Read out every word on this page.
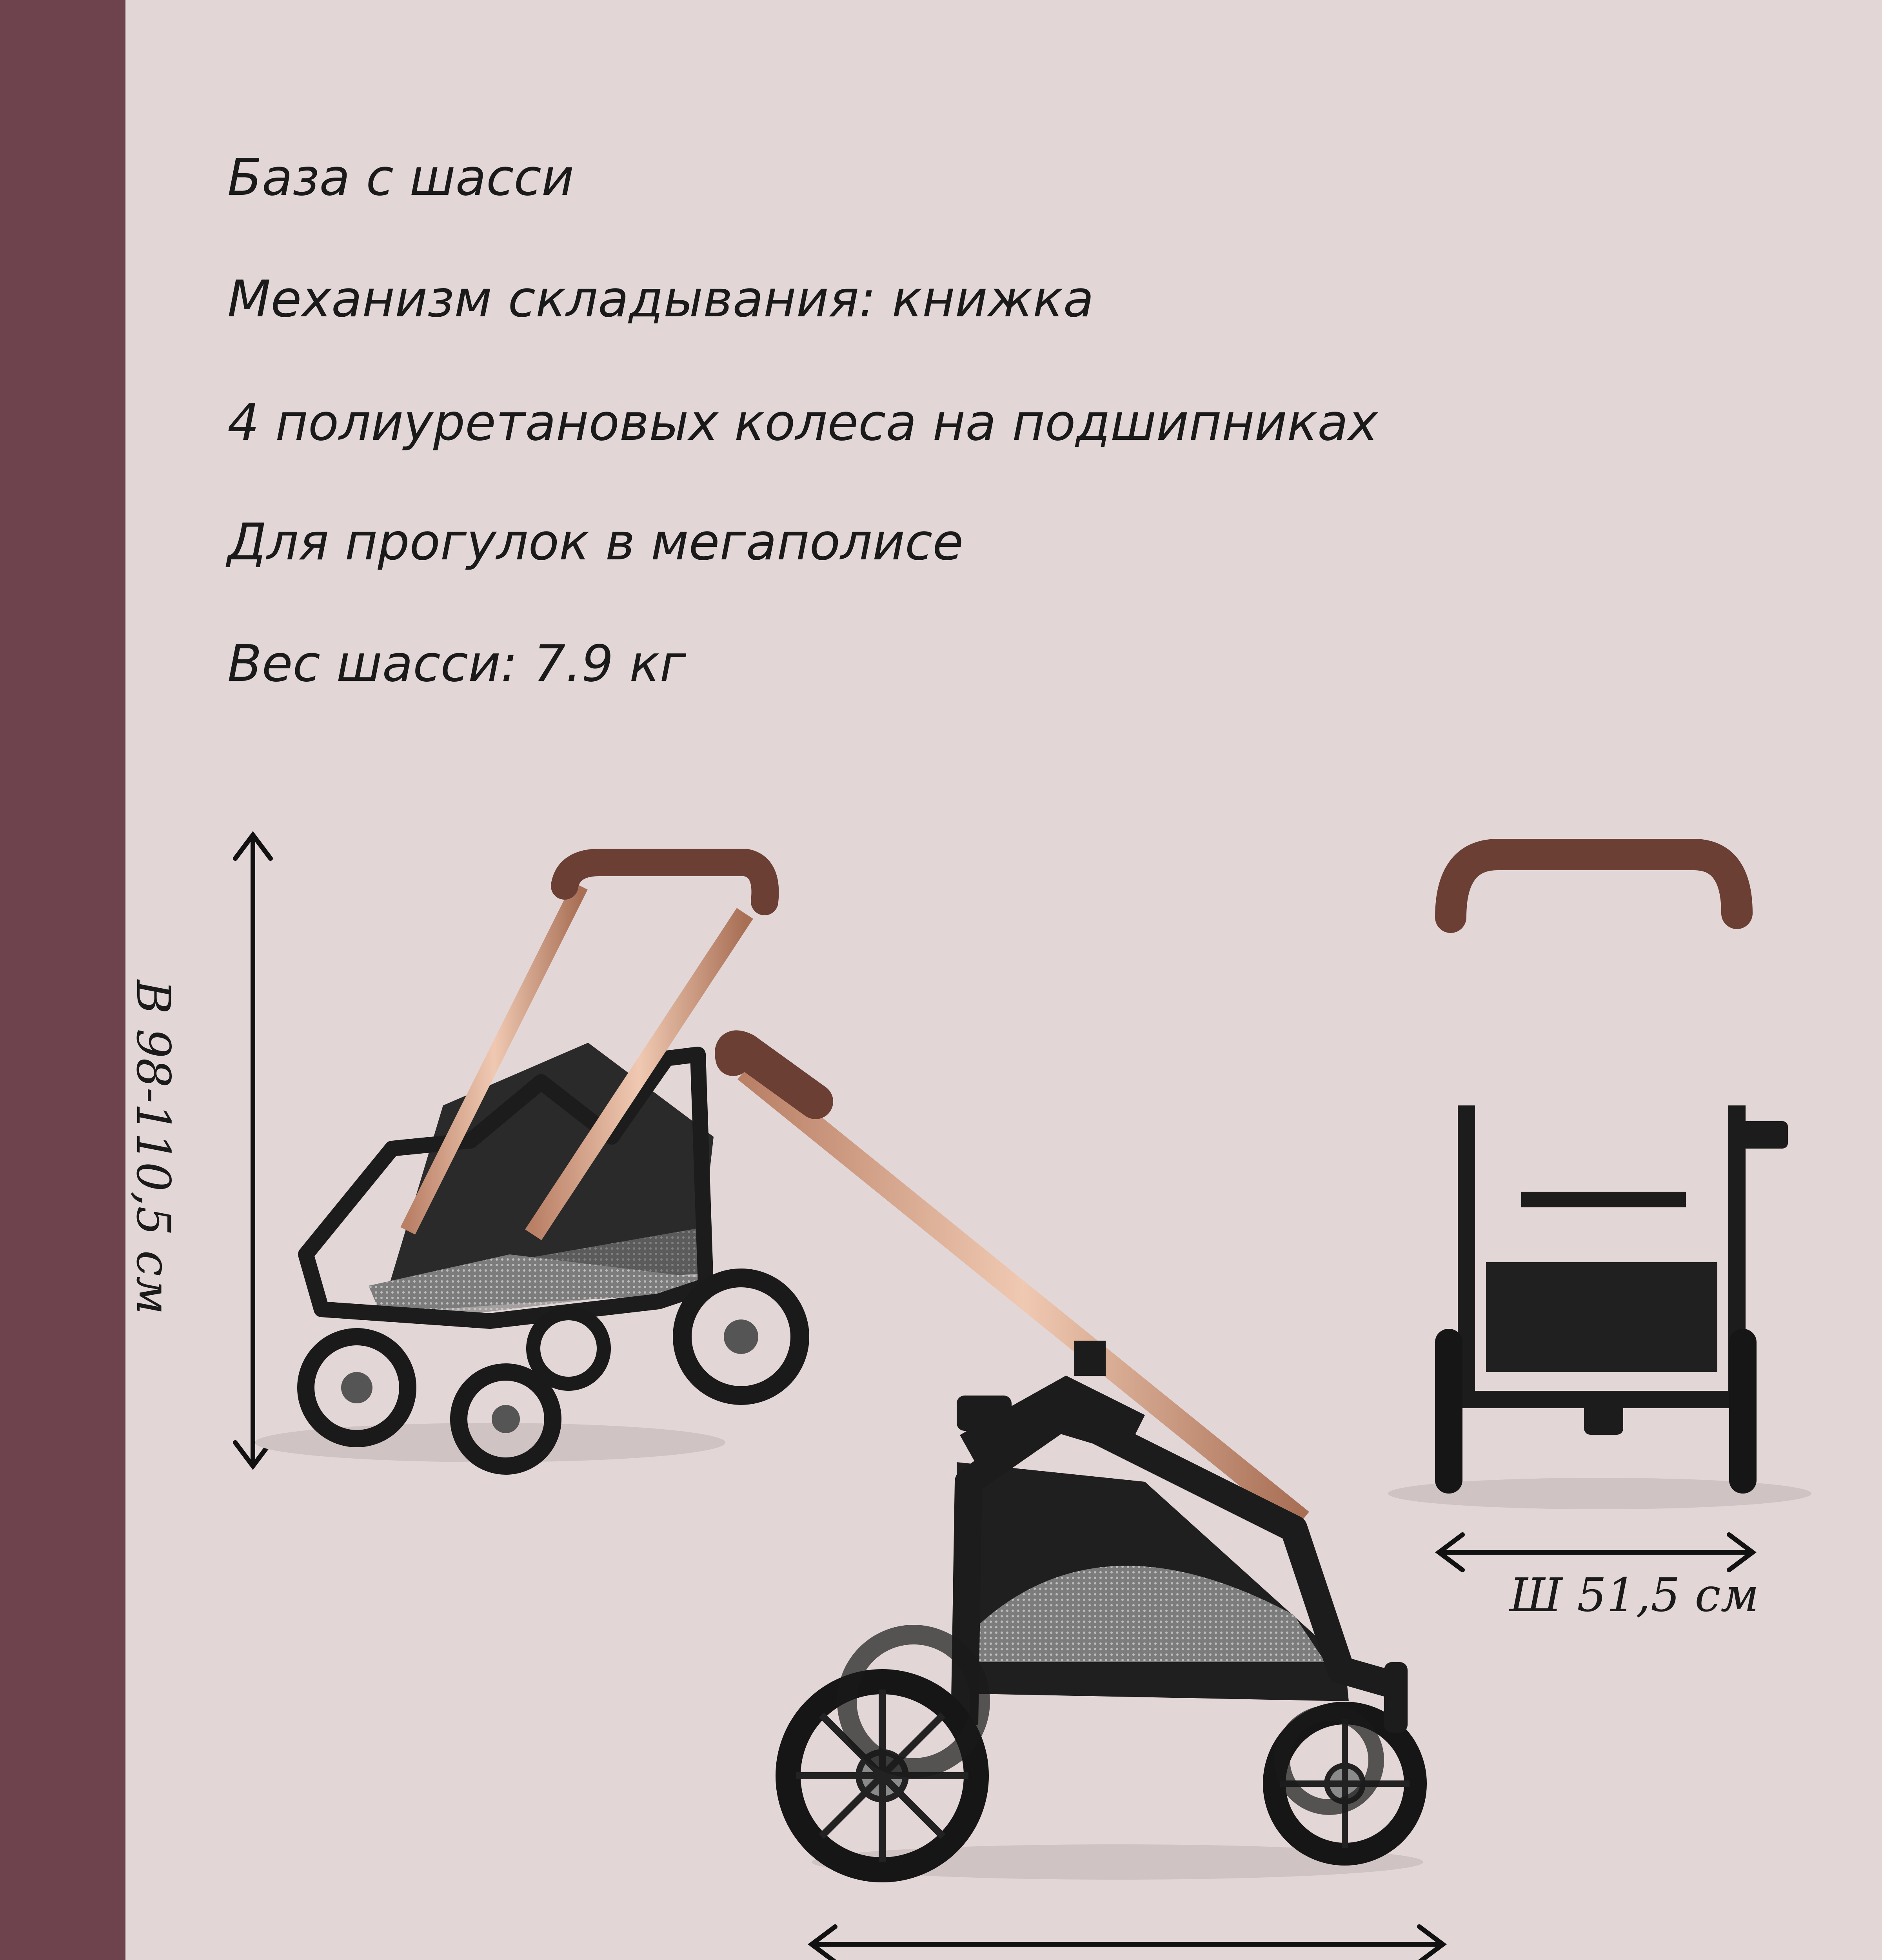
База с шасси
Механизм складывания: книжка
4 полиуретановых колеса на подшипниках
Для прогулок в мегаполисе
Вес шасси: 7.9 кг
В 98-110,5 см
Ш 51,5 см
